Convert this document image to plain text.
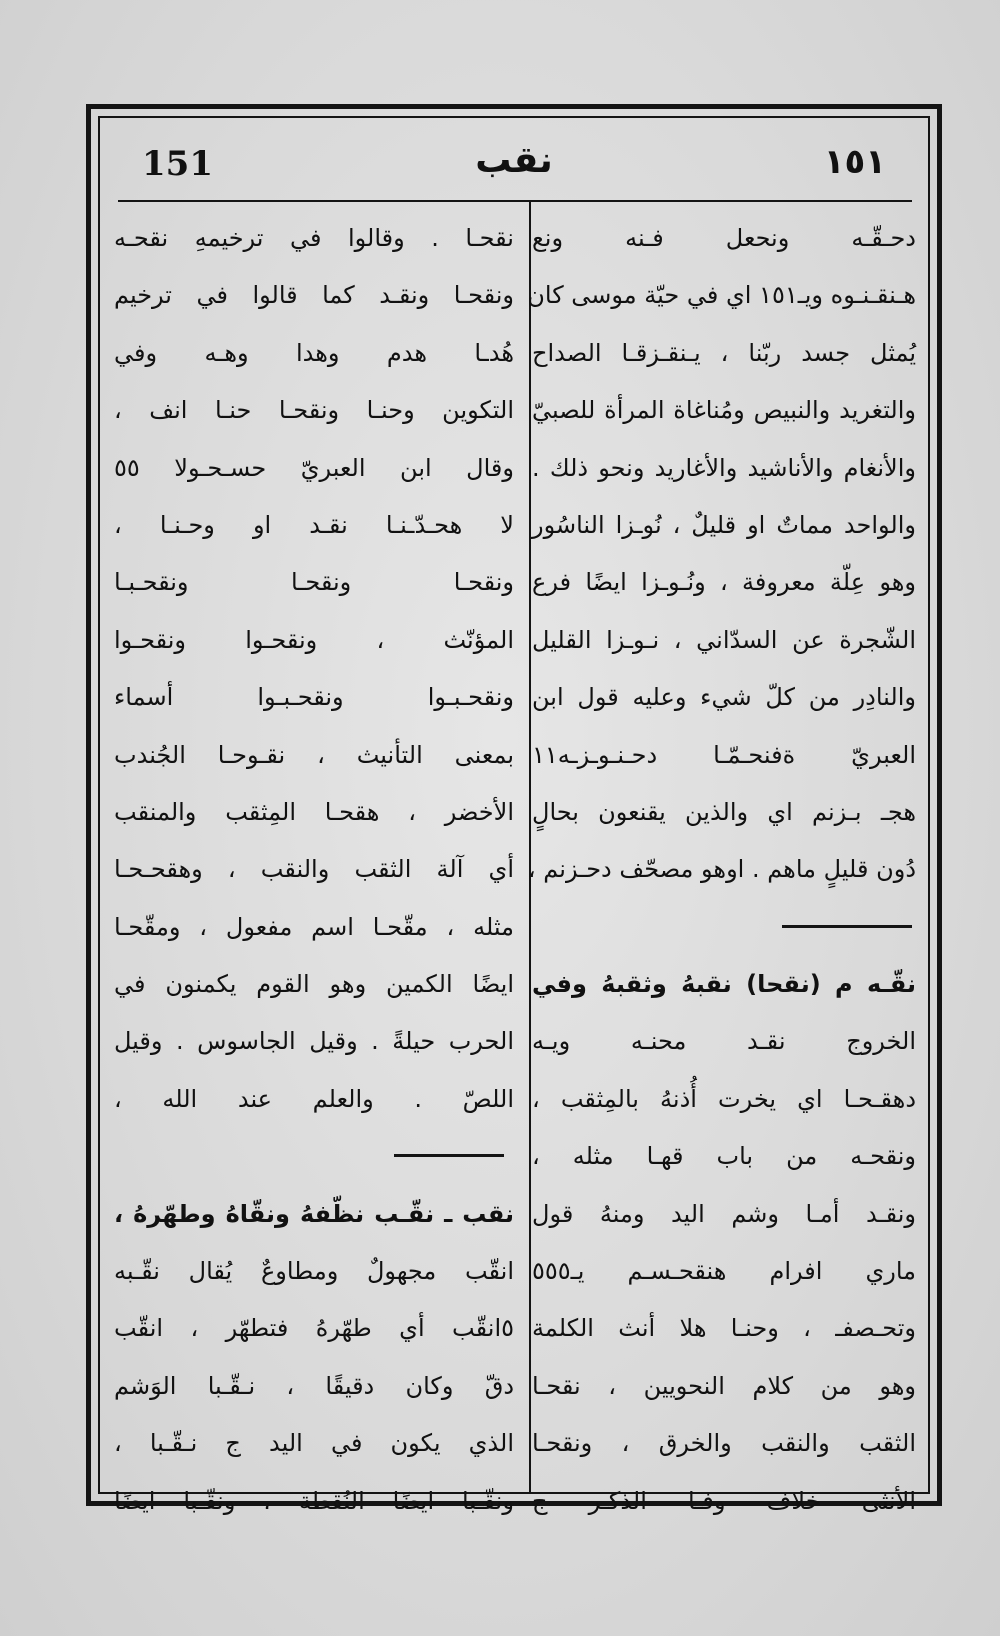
151	نقب	١٥١
دحـقّـه ونحعل فـنه ونع
هـنقـنـوه ويـ١٥١ اي في حيّة موسى كان
يُمثل جسد ربّنا ، يـنقـزقـا الصداح
والتغريد والنبيص ومُناغاة المرأة للصبيّ
والأنغام والأناشيد والأغاريد ونحو ذلك .
والواحد مماتٌ او قليلٌ ، نُوـزا الناسُور
وهو عِلّة معروفة ، ونُـوـزا ايضًا فرع
الشّجرة عن السدّاني ، نـوـزا القليل
والنادِر من كلّ شيء وعليه قول ابن
العبريّ ةفنحـمّـا دحـنـوـزـه١١
هجـ بـزنم اي والذين يقنعون بحالٍ
دُون قليلٍ ماهم . اوهو مصحّف دحـزنم ،
نقّـه م (نقحا) نقبهُ وثقبهُ وفي
الخروج نقـد محنـه ويـه
دهقـحـا اي يخرت أُذنهُ بالمِثقب ،
ونقحـه من باب قهـا مثله ،
ونقـد أمـا وشم اليد ومنهُ قول
ماري افرام هنقحـسـم يـ٥٥٥
وتحـصفـ ، وحنـا هلا أنث الكلمة
وهو من كلام النحويين ، نقحـا
الثقب والنقب والخرق ، ونقحـا
الأنثى خلاف وفـا الذكـر ج
نقحـا . وقالوا في ترخيمهِ نقحـه
ونقحـا ونقـد كما قالوا في ترخيم
هُدـا هدم وهدا وهـه وفي
التكوين وحنـا ونقحـا حنـا انف ،
وقال ابن العبريّ حسـحـولا ٥٥
لا هحـدّـنـا نقـد او وحـنـا ،
ونقحـا ونقحـا ونقحـبـا
المؤنّث ، ونقحـوا ونقحـوا
ونقحـبـوا ونقحـبـوا أسماء
بمعنى التأنيث ، نقـوحـا الجُندب
الأخضر ، هقحـا المِثقب والمنقب
أي آلة الثقب والنقب ، وهقحـحـا
مثله ، مقّحـا اسم مفعول ، ومقّحـا
ايضًا الكمين وهو القوم يكمنون في
الحرب حيلةً . وقيل الجاسوس . وقيل
اللصّ . والعلم عند الله ،
نقب ـ نقّـب نظّفهُ ونقّاهُ وطهّرهُ ،
انقّب مجهولٌ ومطاوعٌ يُقال نقّـبه
٥انقّب أي طهّرهُ فتطهّر ، انقّب
دقّ وكان دقيقًا ، نـقّـبا الوَشم
الذي يكون في اليد ج نـقّـبا ،
ونقّـبا ايضًا النُقطة ، ونقّـبا ايضًا
